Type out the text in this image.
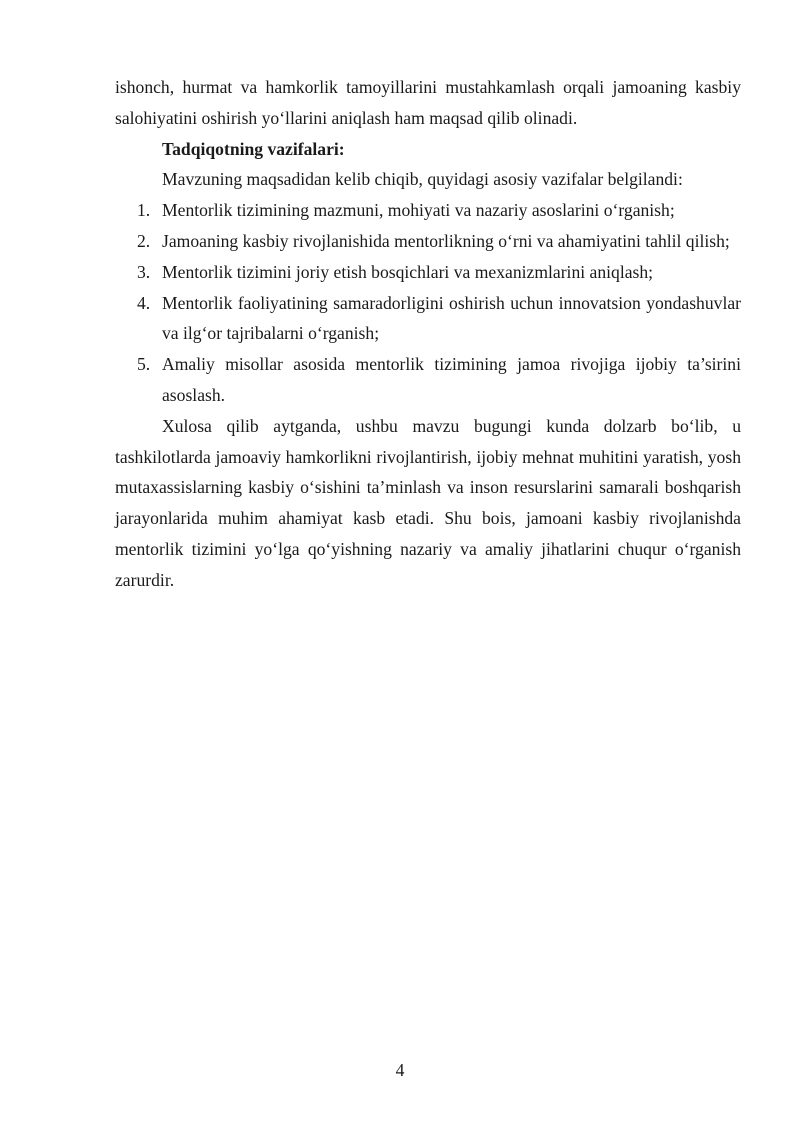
ishonch, hurmat va hamkorlik tamoyillarini mustahkamlash orqali jamoaning kasbiy salohiyatini oshirish yo‘llarini aniqlash ham maqsad qilib olinadi.

Tadqiqotning vazifalari:

Mavzuning maqsadidan kelib chiqib, quyidagi asosiy vazifalar belgilandi:

1. Mentorlik tizimining mazmuni, mohiyati va nazariy asoslarini o‘rganish;
2. Jamoaning kasbiy rivojlanishida mentorlikning o‘rni va ahamiyatini tahlil qilish;
3. Mentorlik tizimini joriy etish bosqichlari va mexanizmlarini aniqlash;
4. Mentorlik faoliyatining samaradorligini oshirish uchun innovatsion yondashuvlar va ilg‘or tajribalarni o‘rganish;
5. Amaliy misollar asosida mentorlik tizimining jamoa rivojiga ijobiy ta’sirini asoslash.

Xulosa qilib aytganda, ushbu mavzu bugungi kunda dolzarb bo‘lib, u tashkilotlarda jamoaviy hamkorlikni rivojlantirish, ijobiy mehnat muhitini yaratish, yosh mutaxassislarning kasbiy o‘sishini ta’minlash va inson resurslarini samarali boshqarish jarayonlarida muhim ahamiyat kasb etadi. Shu bois, jamoani kasbiy rivojlanishda mentorlik tizimini yo‘lga qo‘yishning nazariy va amaliy jihatlarini chuqur o‘rganish zarurdir.

4
